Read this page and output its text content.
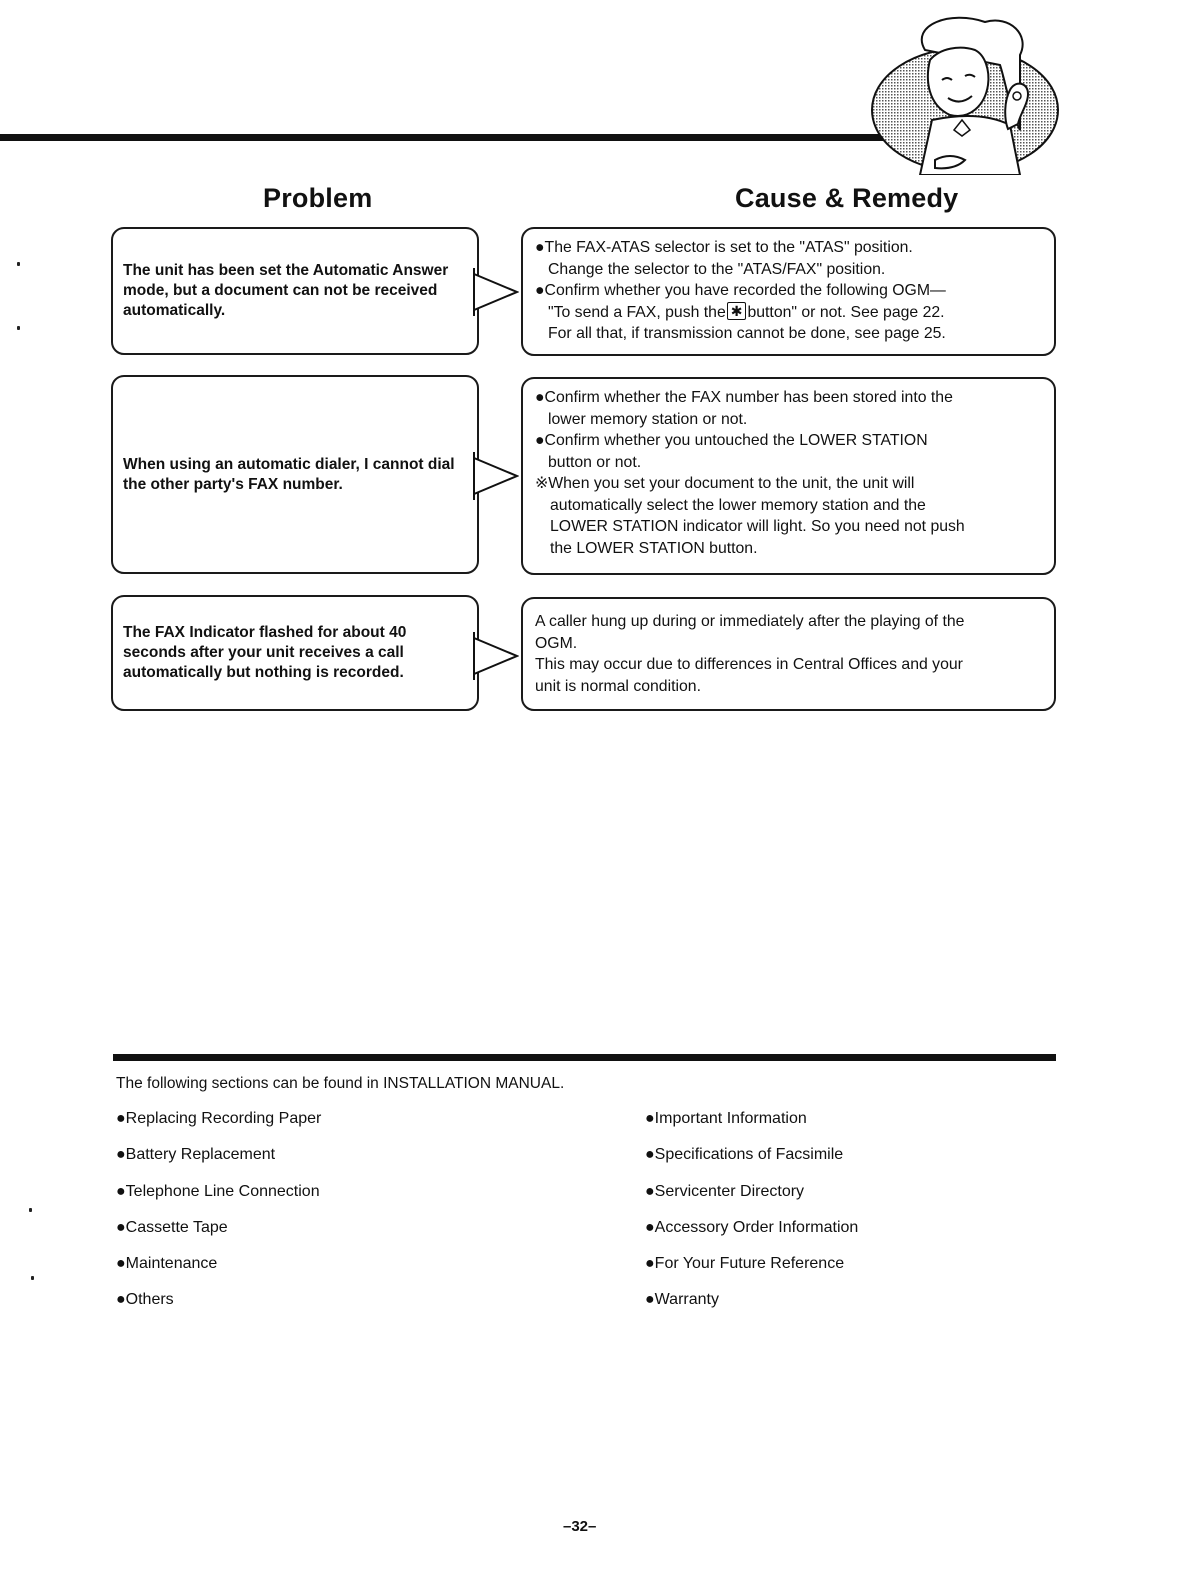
Problem	Cause & Remedy
The unit has been set the Automatic Answer mode, but a document can not be received automatically.
●The FAX-ATAS selector is set to the "ATAS" position.
Change the selector to the "ATAS/FAX" position.
●Confirm whether you have recorded the following OGM—
"To send a FAX, push the ✱ button" or not. See page 22.
For all that, if transmission cannot be done, see page 25.
When using an automatic dialer, I cannot dial the other party's FAX number.
●Confirm whether the FAX number has been stored into the
lower memory station or not.
●Confirm whether you untouched the LOWER STATION
button or not.
※When you set your document to the unit, the unit will
automatically select the lower memory station and the
LOWER STATION indicator will light. So you need not push
the LOWER STATION button.
The FAX Indicator flashed for about 40 seconds after your unit receives a call automatically but nothing is recorded.
A caller hung up during or immediately after the playing of the
OGM.
This may occur due to differences in Central Offices and your
unit is normal condition.
The following sections can be found in INSTALLATION MANUAL.
●Replacing Recording Paper
●Battery Replacement
●Telephone Line Connection
●Cassette Tape
●Maintenance
●Others
●Important Information
●Specifications of Facsimile
●Servicenter Directory
●Accessory Order Information
●For Your Future Reference
●Warranty
–32–
